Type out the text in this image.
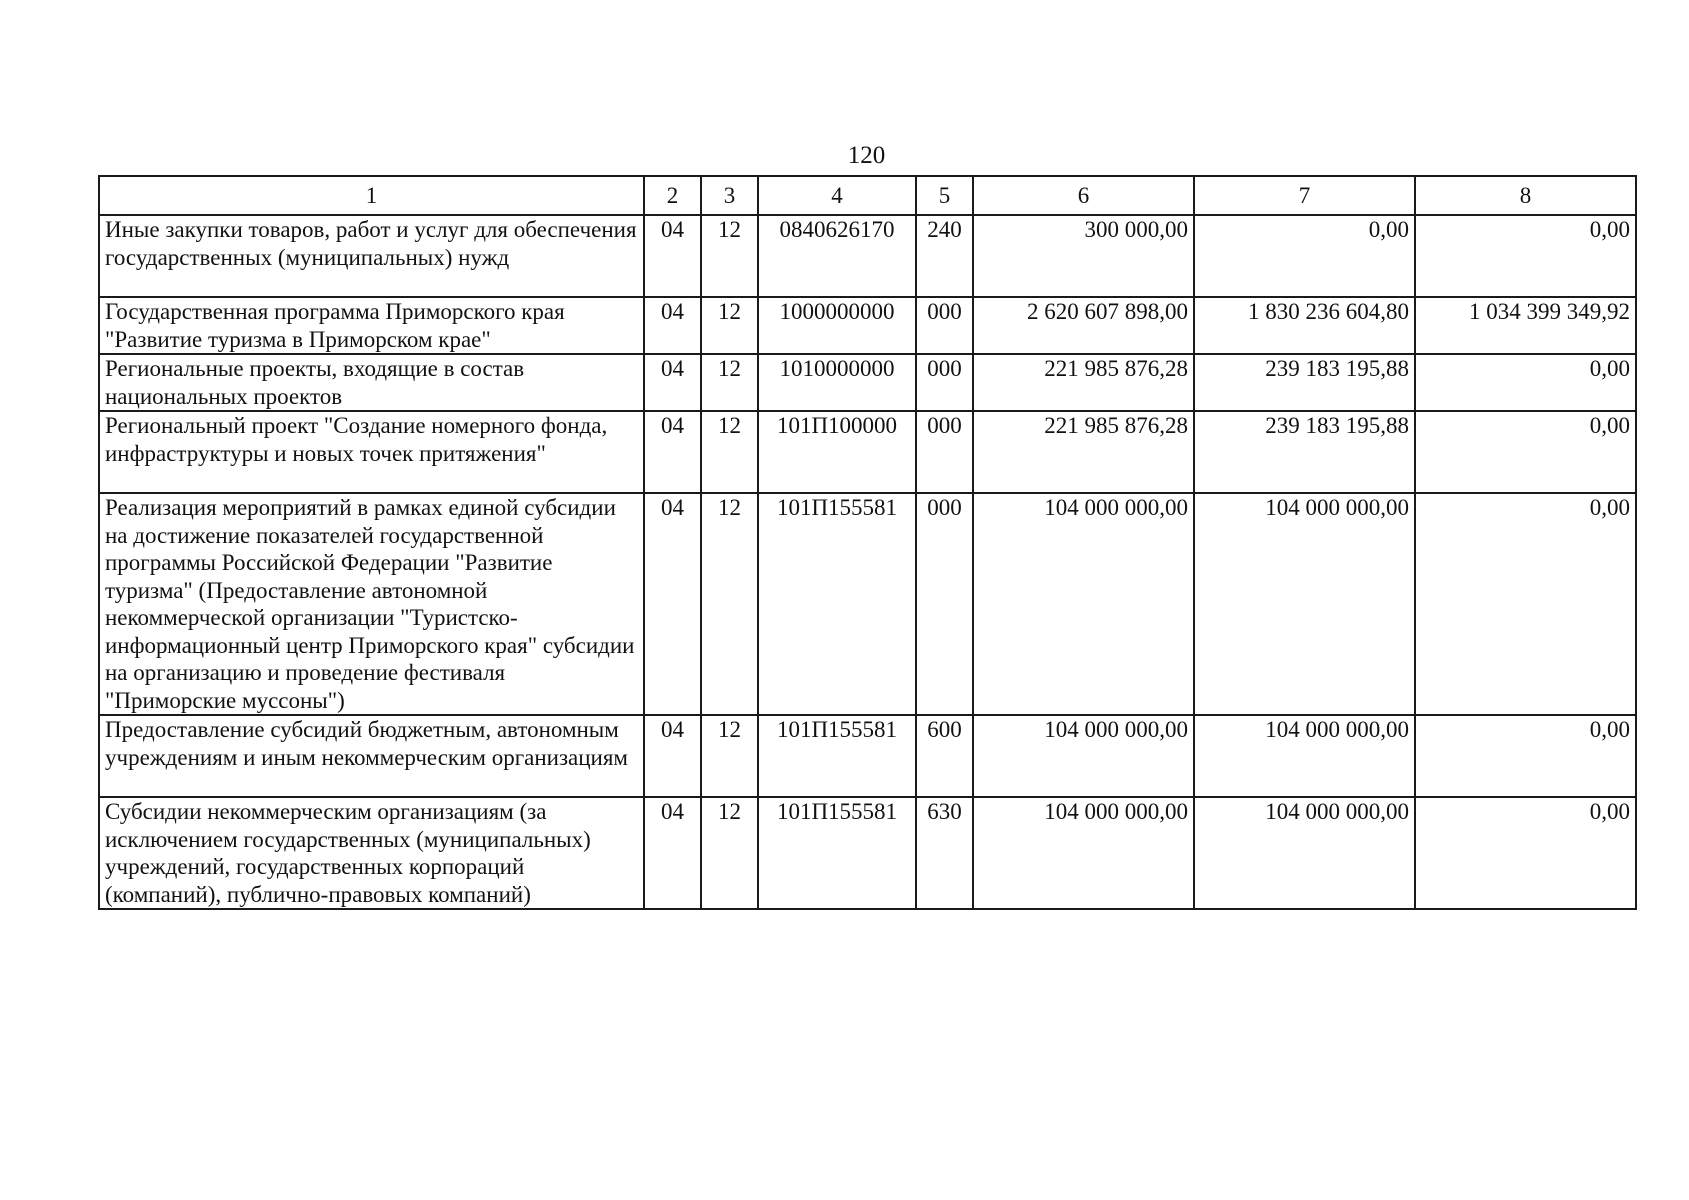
120
1	2	3	4	5	6	7	8
Иные закупки товаров, работ и услуг для обеспечения государственных (муниципальных) нужд	04	12	0840626170	240	300 000,00	0,00	0,00
Государственная программа Приморского края "Развитие туризма в Приморском крае"	04	12	1000000000	000	2 620 607 898,00	1 830 236 604,80	1 034 399 349,92
Региональные проекты, входящие в состав национальных проектов	04	12	1010000000	000	221 985 876,28	239 183 195,88	0,00
Региональный проект "Создание номерного фонда, инфраструктуры и новых точек притяжения"	04	12	101П100000	000	221 985 876,28	239 183 195,88	0,00
Реализация мероприятий в рамках единой субсидии на достижение показателей государственной программы Российской Федерации "Развитие туризма" (Предоставление автономной некоммерческой организации "Туристско-информационный центр Приморского края" субсидии на организацию и проведение фестиваля "Приморские муссоны")	04	12	101П155581	000	104 000 000,00	104 000 000,00	0,00
Предоставление субсидий бюджетным, автономным учреждениям и иным некоммерческим организациям	04	12	101П155581	600	104 000 000,00	104 000 000,00	0,00
Субсидии некоммерческим организациям (за исключением государственных (муниципальных) учреждений, государственных корпораций (компаний), публично-правовых компаний)	04	12	101П155581	630	104 000 000,00	104 000 000,00	0,00
